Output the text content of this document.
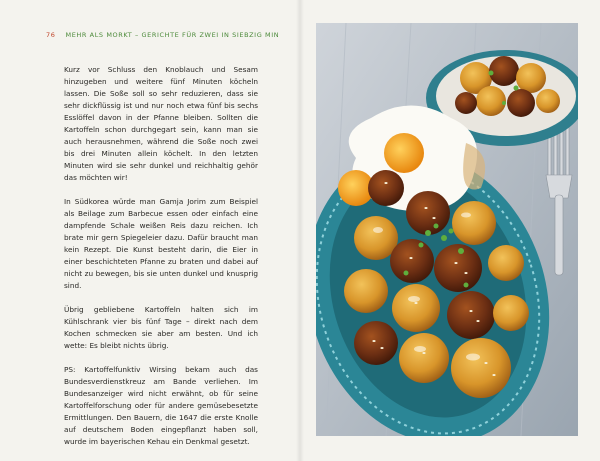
76 MEHR ALS MORKT – GERICHTE FÜR ZWEI IN SIEBZIG MIN

Kurz vor Schluss den Knoblauch und Sesam hinzugeben und weitere fünf Minuten köcheln lassen. Die Soße soll so sehr reduzieren, dass sie sehr dickflüssig ist und nur noch etwa fünf bis sechs Esslöffel davon in der Pfanne bleiben. Sollten die Kartoffeln schon durchgegart sein, kann man sie auch herausnehmen, während die Soße noch zwei bis drei Minuten allein köchelt. In den letzten Minuten wird sie sehr dunkel und reichhaltig gehör das möchten wir!

In Südkorea würde man Gamja Jorim zum Beispiel als Beilage zum Barbecue essen oder einfach eine dampfende Schale weißen Reis dazu reichen. Ich brate mir gern Spiegeleier dazu. Dafür braucht man kein Rezept. Die Kunst besteht darin, die Eier in einer beschichteten Pfanne zu braten und dabei auf nicht zu bewegen, bis sie unten dunkel und knusprig sind.

Übrig gebliebene Kartoffeln halten sich im Kühlschrank vier bis fünf Tage – direkt nach dem Kochen schmecken sie aber am besten. Und ich wette: Es bleibt nichts übrig.

PS: Kartoffelfunktiv Wirsing bekam auch das Bundesverdienstkreuz am Bande verliehen. Im Bundesanzeiger wird nicht erwähnt, ob für seine Kartoffelforschung oder für andere gemüsebesetzte Ermittlungen. Den Bauern, die 1647 die erste Knolle auf deutschem Boden eingepflanzt haben soll, wurde im bayerischen Kehau ein Denkmal gesetzt.
